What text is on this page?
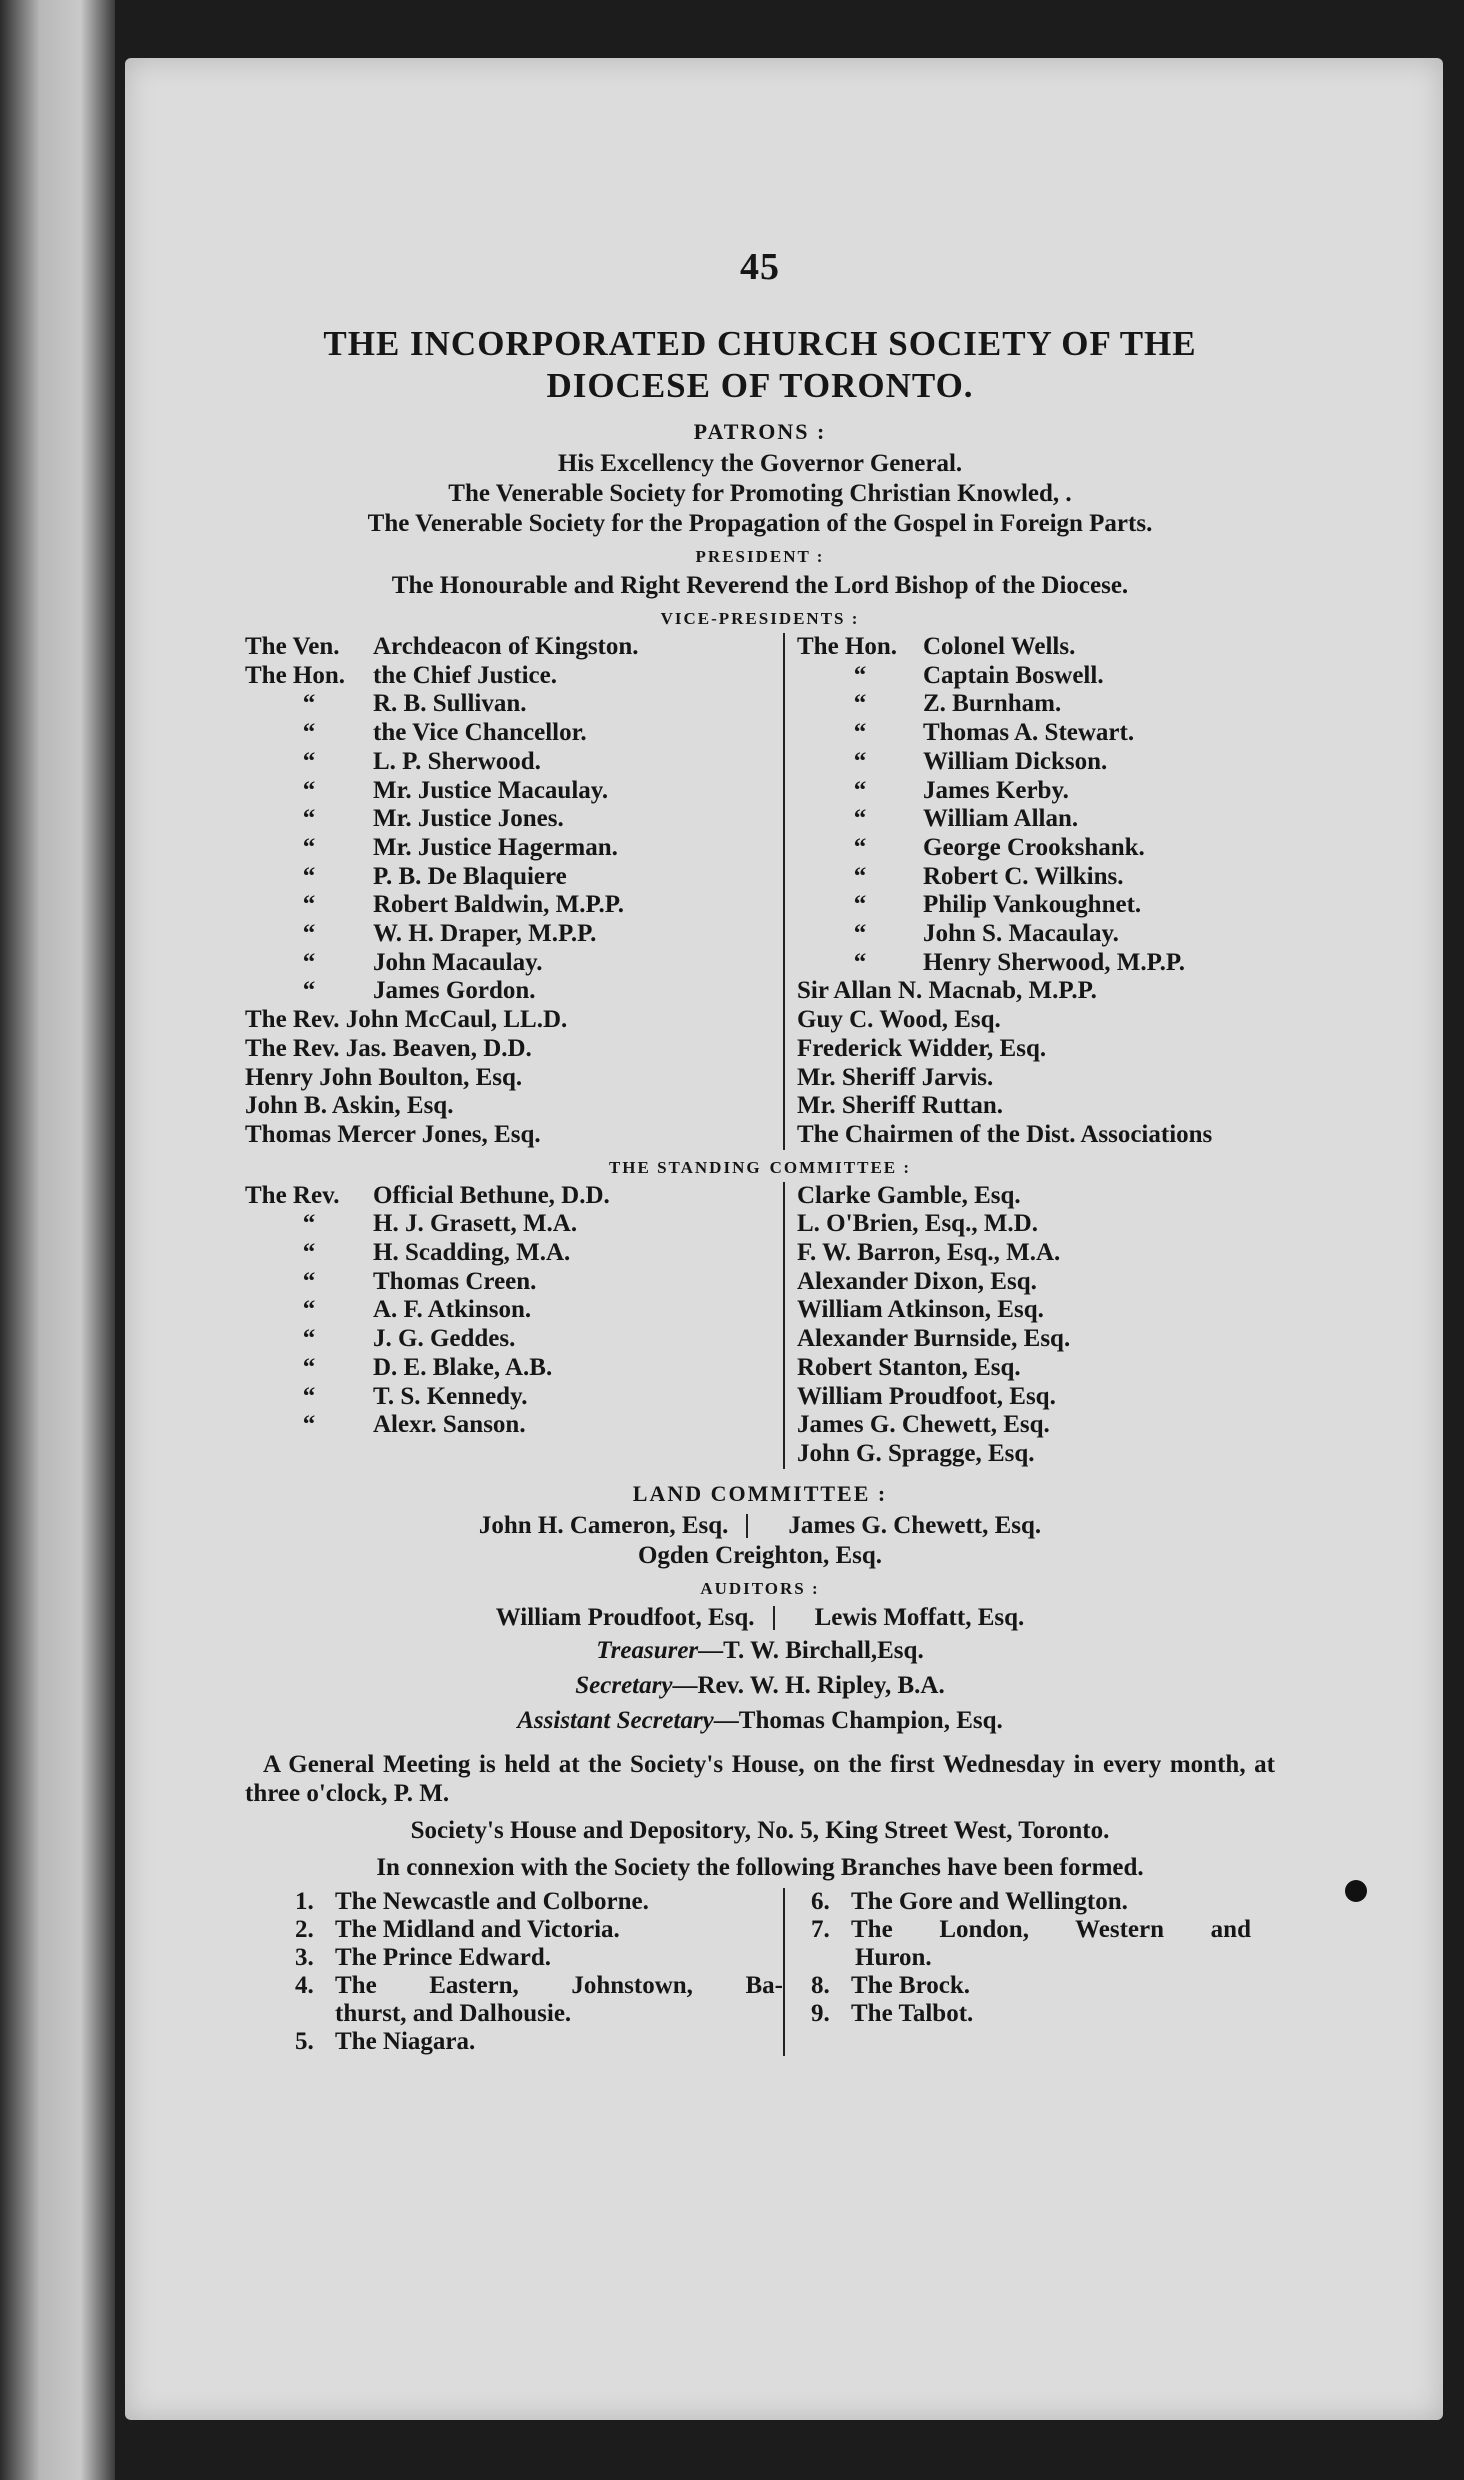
45
THE INCORPORATED CHURCH SOCIETY OF THE
DIOCESE OF TORONTO.
PATRONS :
His Excellency the Governor General.
The Venerable Society for Promoting Christian Knowled, .
The Venerable Society for the Propagation of the Gospel in Foreign Parts.
PRESIDENT :
The Honourable and Right Reverend the Lord Bishop of the Diocese.
VICE-PRESIDENTS :
The Ven. Archdeacon of Kingston.
The Hon. the Chief Justice.
“ R. B. Sullivan.
“ the Vice Chancellor.
“ L. P. Sherwood.
“ Mr. Justice Macaulay.
“ Mr. Justice Jones.
“ Mr. Justice Hagerman.
“ P. B. De Blaquiere
“ Robert Baldwin, M.P.P.
“ W. H. Draper, M.P.P.
“ John Macaulay.
“ James Gordon.
The Rev. John McCaul, LL.D.
The Rev. Jas. Beaven, D.D.
Henry John Boulton, Esq.
John B. Askin, Esq.
Thomas Mercer Jones, Esq.
The Hon. Colonel Wells.
“ Captain Boswell.
“ Z. Burnham.
“ Thomas A. Stewart.
“ William Dickson.
“ James Kerby.
“ William Allan.
“ George Crookshank.
“ Robert C. Wilkins.
“ Philip Vankoughnet.
“ John S. Macaulay.
“ Henry Sherwood, M.P.P.
Sir Allan N. Macnab, M.P.P.
Guy C. Wood, Esq.
Frederick Widder, Esq.
Mr. Sheriff Jarvis.
Mr. Sheriff Ruttan.
The Chairmen of the Dist. Associations
THE STANDING COMMITTEE :
The Rev. Official Bethune, D.D.
“ H. J. Grasett, M.A.
“ H. Scadding, M.A.
“ Thomas Creen.
“ A. F. Atkinson.
“ J. G. Geddes.
“ D. E. Blake, A.B.
“ T. S. Kennedy.
“ Alexr. Sanson.
Clarke Gamble, Esq.
L. O'Brien, Esq., M.D.
F. W. Barron, Esq., M.A.
Alexander Dixon, Esq.
William Atkinson, Esq.
Alexander Burnside, Esq.
Robert Stanton, Esq.
William Proudfoot, Esq.
James G. Chewett, Esq.
John G. Spragge, Esq.
LAND COMMITTEE :
John H. Cameron, Esq.	James G. Chewett, Esq.
Ogden Creighton, Esq.
AUDITORS :
William Proudfoot, Esq.	Lewis Moffatt, Esq.
Treasurer—T. W. Birchall,Esq.
Secretary—Rev. W. H. Ripley, B.A.
Assistant Secretary—Thomas Champion, Esq.

A General Meeting is held at the Society's House, on the first Wednesday in every month, at three o'clock, P. M.

Society's House and Depository, No. 5, King Street West, Toronto.

In connexion with the Society the following Branches have been formed.

1. The Newcastle and Colborne.
2. The Midland and Victoria.
3. The Prince Edward.
4. The Eastern, Johnstown, Ba-
thurst, and Dalhousie.
5. The Niagara.
6. The Gore and Wellington.
7. The London, Western and
Huron.
8. The Brock.
9. The Talbot.
